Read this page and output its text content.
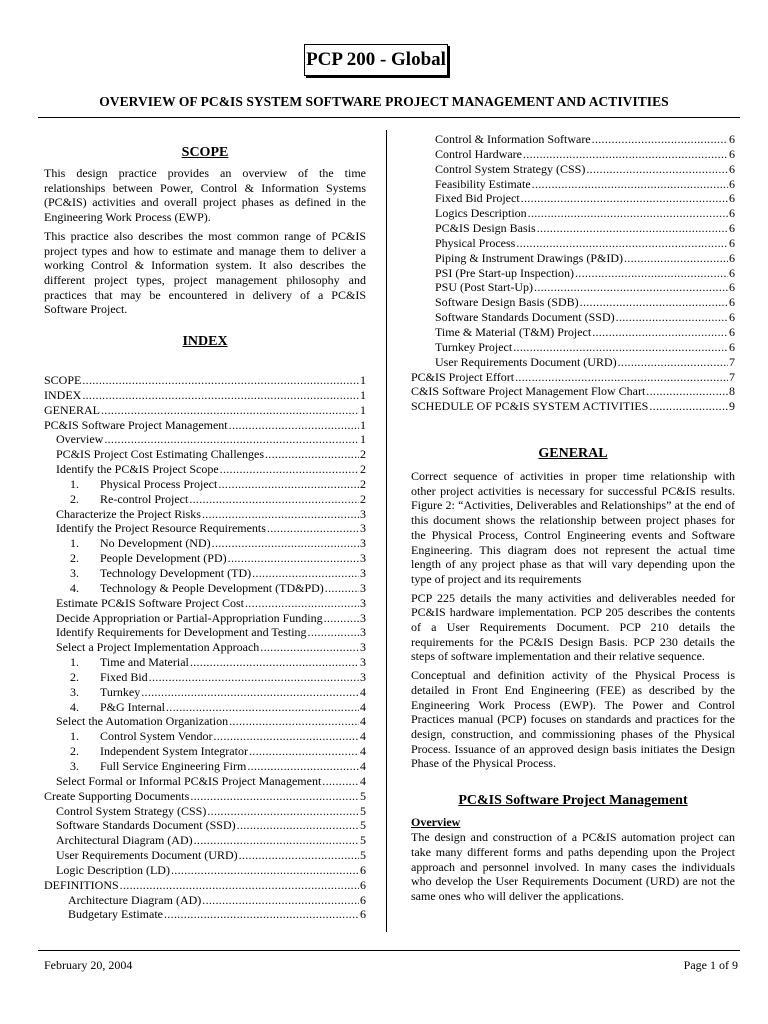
PCP 200 - Global
OVERVIEW OF PC&IS SYSTEM SOFTWARE PROJECT MANAGEMENT AND ACTIVITIES
SCOPE

This design practice provides an overview of the time relationships between Power, Control & Information Systems (PC&IS) activities and overall project phases as defined in the Engineering Work Process (EWP).

This practice also describes the most common range of PC&IS project types and how to estimate and manage them to deliver a working Control & Information system. It also describes the different project types, project management philosophy and practices that may be encountered in delivery of a PC&IS Software Project.

INDEX
SCOPE .....	1
INDEX .....	1
GENERAL .....	1
PC&IS Software Project Management .....	1
Overview .....	1
PC&IS Project Cost Estimating Challenges .....	2
Identify the PC&IS Project Scope .....	2
1.	Physical Process Project .....	2
2.	Re-control Project .....	2
Characterize the Project Risks .....	3
Identify the Project Resource Requirements .....	3
1.	No Development (ND) .....	3
2.	People Development (PD) .....	3
3.	Technology Development (TD) .....	3
4.	Technology & People Development (TD&PD) .....	3
Estimate PC&IS Software Project Cost .....	3
Decide Appropriation or Partial-Appropriation Funding .....	3
Identify Requirements for Development and Testing .....	3
Select a Project Implementation Approach .....	3
1.	Time and Material .....	3
2.	Fixed Bid .....	3
3.	Turnkey .....	4
4.	P&G Internal .....	4
Select the Automation Organization .....	4
1.	Control System Vendor .....	4
2.	Independent System Integrator .....	4
3.	Full Service Engineering Firm .....	4
Select Formal or Informal PC&IS Project Management .....	4
Create Supporting Documents .....	5
Control System Strategy (CSS) .....	5
Software Standards Document (SSD) .....	5
Architectural Diagram (AD) .....	5
User Requirements Document (URD) .....	5
Logic Description (LD) .....	6
DEFINITIONS .....	6
Architecture Diagram (AD) .....	6
Budgetary Estimate .....	6
Control & Information Software .....	6
Control Hardware .....	6
Control System Strategy (CSS) .....	6
Feasibility Estimate .....	6
Fixed Bid Project .....	6
Logics Description .....	6
PC&IS Design Basis .....	6
Physical Process .....	6
Piping & Instrument Drawings (P&ID) .....	6
PSI (Pre Start-up Inspection) .....	6
PSU (Post Start-Up) .....	6
Software Design Basis (SDB) .....	6
Software Standards Document (SSD) .....	6
Time & Material (T&M) Project .....	6
Turnkey Project .....	6
User Requirements Document (URD) .....	7
PC&IS Project Effort .....	7
C&IS Software Project Management Flow Chart .....	8
SCHEDULE OF PC&IS SYSTEM ACTIVITIES .....	9
GENERAL

Correct sequence of activities in proper time relationship with other project activities is necessary for successful PC&IS results. Figure 2: “Activities, Deliverables and Relationships” at the end of this document shows the relationship between project phases for the Physical Process, Control Engineering events and Software Engineering. This diagram does not represent the actual time length of any project phase as that will vary depending upon the type of project and its requirements

PCP 225 details the many activities and deliverables needed for PC&IS hardware implementation. PCP 205 describes the contents of a User Requirements Document. PCP 210 details the requirements for the PC&IS Design Basis. PCP 230 details the steps of software implementation and their relative sequence.

Conceptual and definition activity of the Physical Process is detailed in Front End Engineering (FEE) as described by the Engineering Work Process (EWP). The Power and Control Practices manual (PCP) focuses on standards and practices for the design, construction, and commissioning phases of the Physical Process. Issuance of an approved design basis initiates the Design Phase of the Physical Process.

PC&IS Software Project Management

Overview

The design and construction of a PC&IS automation project can take many different forms and paths depending upon the Project approach and personnel involved. In many cases the individuals who develop the User Requirements Document (URD) are not the same ones who will deliver the applications.

February 20, 2004	Page 1 of 9
